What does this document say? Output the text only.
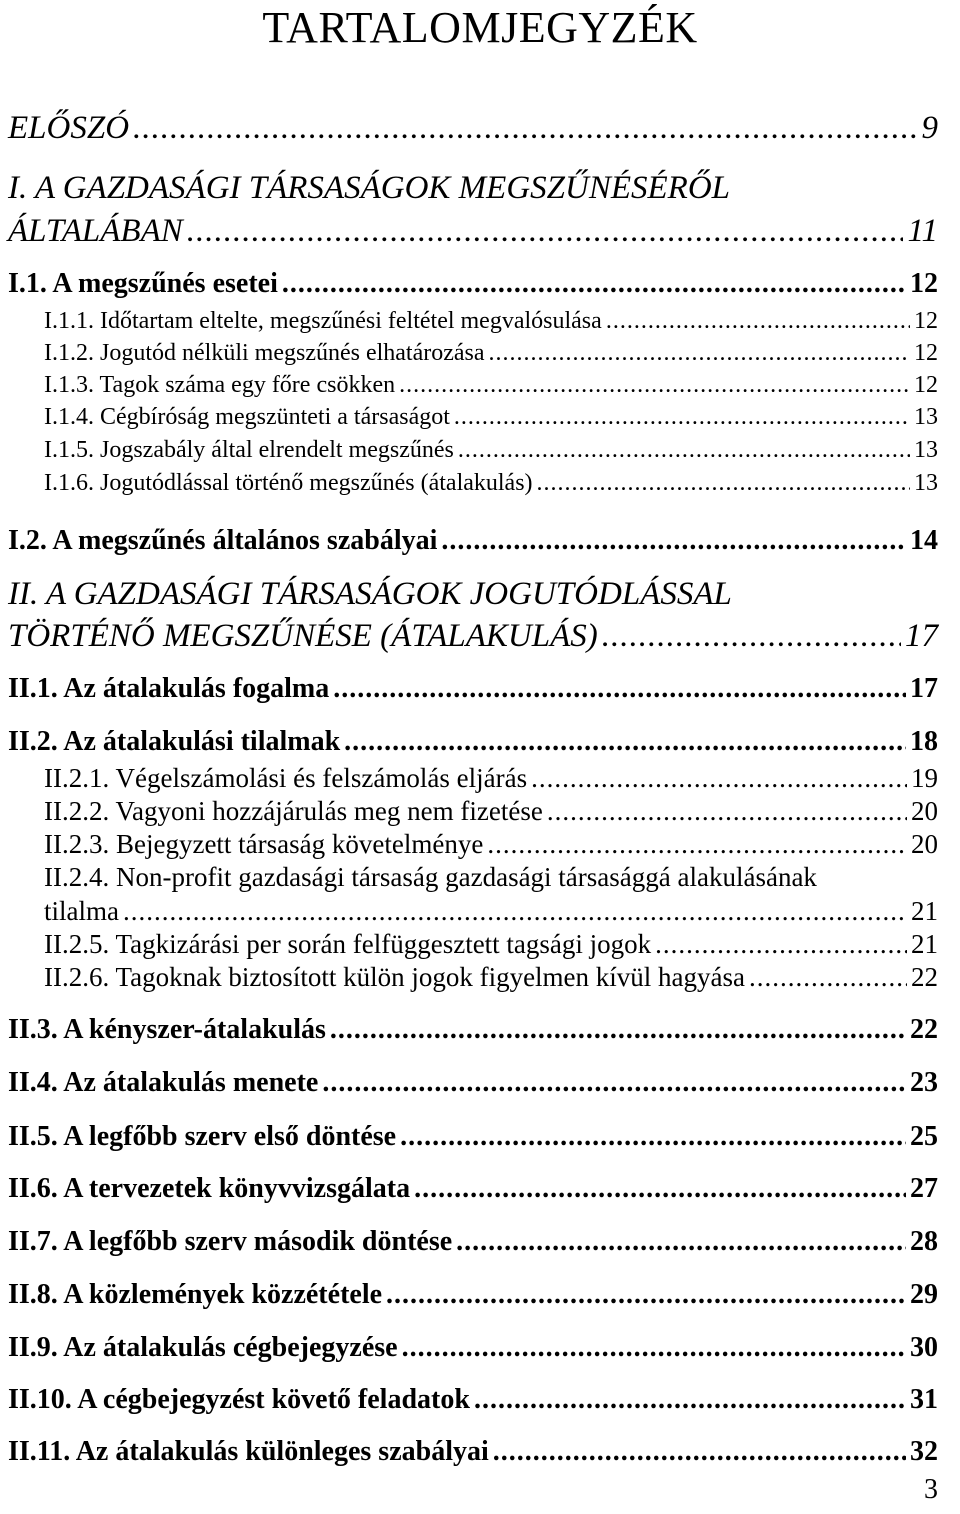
TARTALOMJEGYZÉK
ELŐSZÓ .....	9
I. A GAZDASÁGI TÁRSASÁGOK MEGSZŰNÉSÉRŐL
ÁLTALÁBAN .....	11
I.1. A megszűnés esetei .....	12
I.1.1. Időtartam eltelte, megszűnési feltétel megvalósulása .....	12
I.1.2. Jogutód nélküli megszűnés elhatározása .....	12
I.1.3. Tagok száma egy főre csökken .....	12
I.1.4. Cégbíróság megszünteti a társaságot .....	13
I.1.5. Jogszabály által elrendelt megszűnés .....	13
I.1.6. Jogutódlással történő megszűnés (átalakulás) .....	13
I.2. A megszűnés általános szabályai .....	14
II. A GAZDASÁGI TÁRSASÁGOK JOGUTÓDLÁSSAL
TÖRTÉNŐ MEGSZŰNÉSE (ÁTALAKULÁS) .....	17
II.1. Az átalakulás fogalma .....	17
II.2. Az átalakulási tilalmak .....	18
II.2.1. Végelszámolási és felszámolás eljárás .....	19
II.2.2. Vagyoni hozzájárulás meg nem fizetése .....	20
II.2.3. Bejegyzett társaság követelménye .....	20
II.2.4. Non-profit gazdasági társaság gazdasági társasággá alakulásának
tilalma .....	21
II.2.5. Tagkizárási per során felfüggesztett tagsági jogok .....	21
II.2.6. Tagoknak biztosított külön jogok figyelmen kívül hagyása .....	22
II.3. A kényszer-átalakulás .....	22
II.4. Az átalakulás menete .....	23
II.5. A legfőbb szerv első döntése .....	25
II.6. A tervezetek könyvvizsgálata .....	27
II.7. A legfőbb szerv második döntése .....	28
II.8. A közlemények közzététele .....	29
II.9. Az átalakulás cégbejegyzése .....	30
II.10. A cégbejegyzést követő feladatok .....	31
II.11. Az átalakulás különleges szabályai .....	32
3
